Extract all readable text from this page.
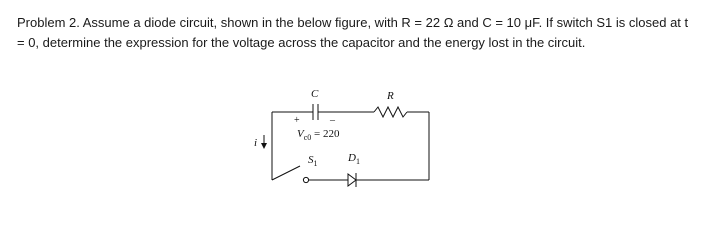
Problem 2. Assume a diode circuit, shown in the below figure, with R = 22 Ω and C = 10 μF. If switch S1 is closed at t = 0, determine the expression for the voltage across the capacitor and the energy lost in the circuit.

C	R
+	–
$V_{c0} = 220$
$S_1$	$D_1$
i
